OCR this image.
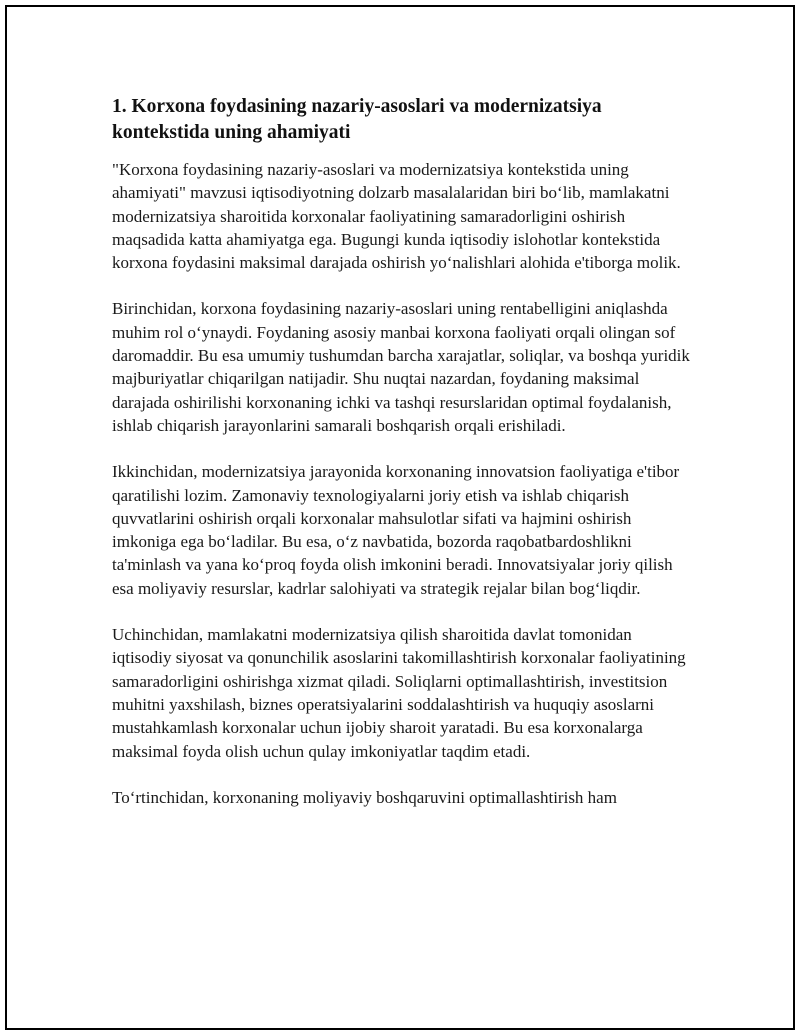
1. Korxona foydasining nazariy-asoslari va modernizatsiya kontekstida uning ahamiyati

"Korxona foydasining nazariy-asoslari va modernizatsiya kontekstida uning ahamiyati" mavzusi iqtisodiyotning dolzarb masalalaridan biri bo‘lib, mamlakatni modernizatsiya sharoitida korxonalar faoliyatining samaradorligini oshirish maqsadida katta ahamiyatga ega. Bugungi kunda iqtisodiy islohotlar kontekstida korxona foydasini maksimal darajada oshirish yo‘nalishlari alohida e'tiborga molik.

Birinchidan, korxona foydasining nazariy-asoslari uning rentabelligini aniqlashda muhim rol o‘ynaydi. Foydaning asosiy manbai korxona faoliyati orqali olingan sof daromaddir. Bu esa umumiy tushumdan barcha xarajatlar, soliqlar, va boshqa yuridik majburiyatlar chiqarilgan natijadir. Shu nuqtai nazardan, foydaning maksimal darajada oshirilishi korxonaning ichki va tashqi resurslaridan optimal foydalanish, ishlab chiqarish jarayonlarini samarali boshqarish orqali erishiladi.

Ikkinchidan, modernizatsiya jarayonida korxonaning innovatsion faoliyatiga e'tibor qaratilishi lozim. Zamonaviy texnologiyalarni joriy etish va ishlab chiqarish quvvatlarini oshirish orqali korxonalar mahsulotlar sifati va hajmini oshirish imkoniga ega bo‘ladilar. Bu esa, o‘z navbatida, bozorda raqobatbardoshlikni ta'minlash va yana ko‘proq foyda olish imkonini beradi. Innovatsiyalar joriy qilish esa moliyaviy resurslar, kadrlar salohiyati va strategik rejalar bilan bog‘liqdir.

Uchinchidan, mamlakatni modernizatsiya qilish sharoitida davlat tomonidan iqtisodiy siyosat va qonunchilik asoslarini takomillashtirish korxonalar faoliyatining samaradorligini oshirishga xizmat qiladi. Soliqlarni optimallashtirish, investitsion muhitni yaxshilash, biznes operatsiyalarini soddalashtirish va huquqiy asoslarni mustahkamlash korxonalar uchun ijobiy sharoit yaratadi. Bu esa korxonalarga maksimal foyda olish uchun qulay imkoniyatlar taqdim etadi.

To‘rtinchidan, korxonaning moliyaviy boshqaruvini optimallashtirish ham
